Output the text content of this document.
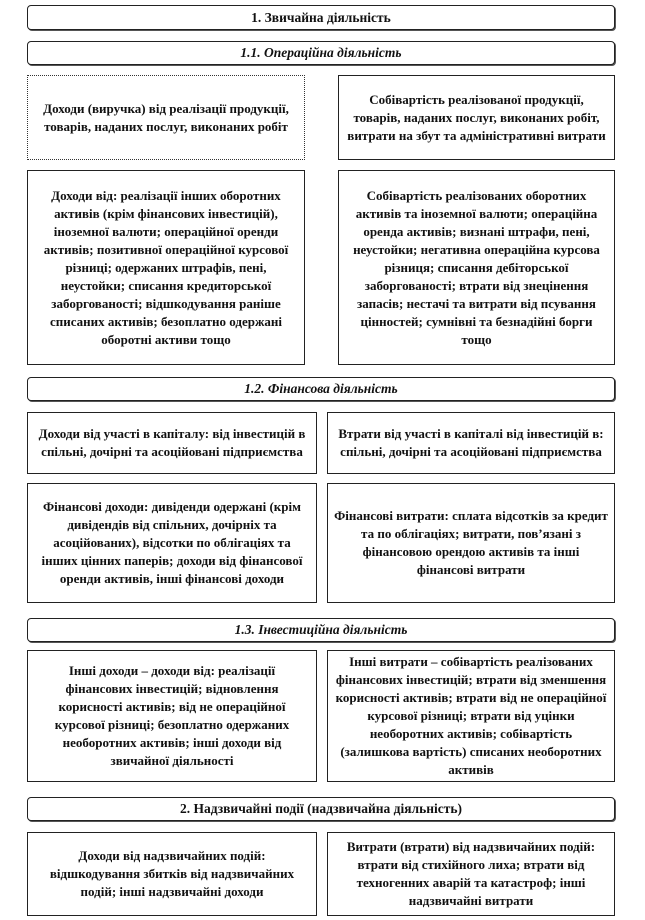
1. Звичайна діяльність
1.1. Операційна діяльність
Доходи (виручка) від реалізації продукції, товарів, наданих послуг, виконаних робіт
Собівартість реалізованої продукції, товарів, наданих послуг, виконаних робіт, витрати на збут та адміністративні витрати
Доходи від: реалізації інших оборотних активів (крім фінансових інвестицій), іноземної валюти; операційної оренди активів; позитивної операційної курсової різниці; одержаних штрафів, пені, неустойки; списання кредиторської заборгованості; відшкодування раніше списаних активів; безоплатно одержані оборотні активи тощо
Собівартість реалізованих оборотних активів та іноземної валюти; операційна оренда активів; визнані штрафи, пені, неустойки; негативна операційна курсова різниця; списання дебіторської заборгованості; втрати від знецінення запасів; нестачі та витрати від псування цінностей; сумнівні та безнадійні борги тощо
1.2. Фінансова діяльність
Доходи від участі в капіталу: від інвестицій в спільні, дочірні та асоційовані підприємства
Втрати від участі в капіталі від інвестицій в: спільні, дочірні та асоційовані підприємства
Фінансові доходи: дивіденди одержані (крім дивідендів від спільних, дочірніх та асоційованих), відсотки по облігаціях та інших цінних паперів; доходи від фінансової оренди активів, інші фінансові доходи
Фінансові витрати: сплата відсотків за кредит та по облігаціях; витрати, пов’язані з фінансовою орендою активів та інші фінансові витрати
1.3. Інвестиційна діяльність
Інші доходи – доходи від: реалізації фінансових інвестицій; відновлення корисності активів; від не операційної курсової різниці; безоплатно одержаних необоротних активів; інші доходи від звичайної діяльності
Інші витрати – собівартість реалізованих фінансових інвестицій; втрати від зменшення корисності активів; втрати від не операційної курсової різниці; втрати від уцінки необоротних активів; собівартість (залишкова вартість) списаних необоротних активів
2. Надзвичайні події (надзвичайна діяльність)
Доходи від надзвичайних подій: відшкодування збитків від надзвичайних подій; інші надзвичайні доходи
Витрати (втрати) від надзвичайних подій: втрати від стихійного лиха; втрати від техногенних аварій та катастроф; інші надзвичайні витрати
